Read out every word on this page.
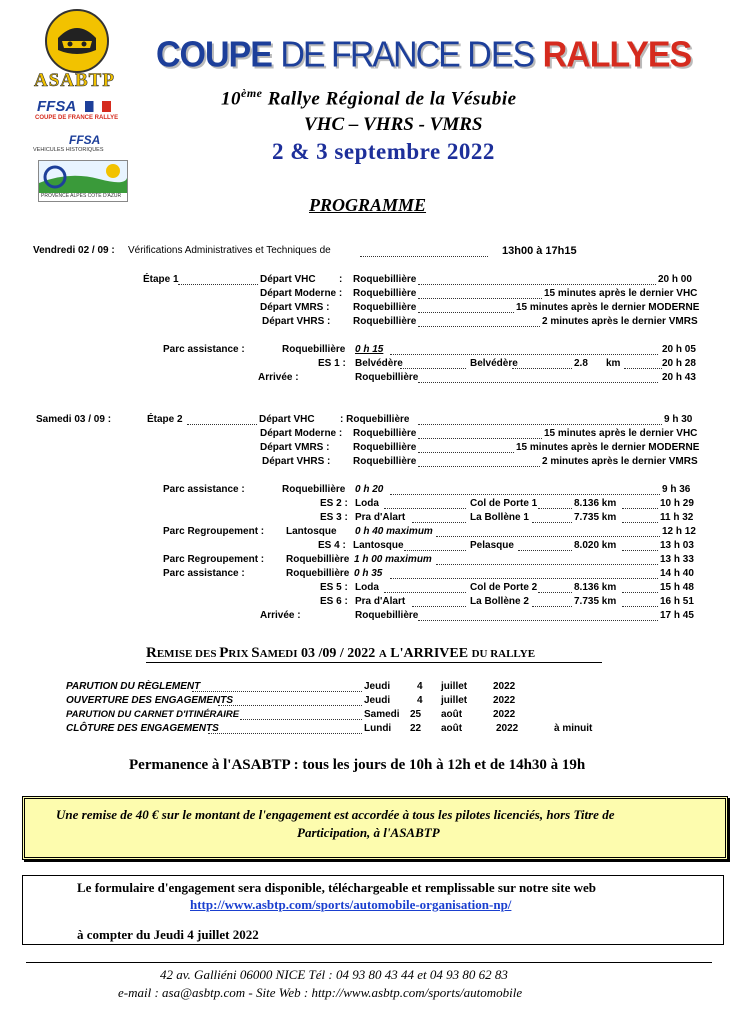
ASABTP
FFSA
COUPE DE FRANCE RALLYE
FFSA
VEHICULES HISTORIQUES
PROVENCE ALPES COTE D'AZUR
COUPE DE FRANCE DES RALLYES
10ème Rallye Régional de la Vésubie
VHC – VHRS - VMRS
2 & 3 septembre 2022
PROGRAMME
Vendredi 02 / 09 : Vérifications Administratives et Techniques de	13h00 à 17h15
Étape 1	Départ VHC : Roquebillière	20 h 00
Départ Moderne : Roquebillière	15 minutes après le dernier VHC
Départ VMRS : Roquebillière	15 minutes après le dernier MODERNE
Départ VHRS : Roquebillière	2 minutes après le dernier VMRS
Parc assistance :	Roquebillière 0 h 15	20 h 05
ES 1 : Belvédère	Belvédère	2.8 km	20 h 28
Arrivée :	Roquebillière	20 h 43
Samedi 03 / 09 :	Étape 2	Départ VHC	: Roquebillière	9 h 30
Départ Moderne : Roquebillière	15 minutes après le dernier VHC
Départ VMRS : Roquebillière	15 minutes après le dernier MODERNE
Départ VHRS : Roquebillière	2 minutes après le dernier VMRS
Parc assistance :	Roquebillière 0 h 20	9 h 36
ES 2 : Loda	Col de Porte 1	8.136 km	10 h 29
ES 3 : Pra d'Alart	La Bollène 1	7.735 km	11 h 32
Parc Regroupement : Lantosque 0 h 40 maximum	12 h 12
ES 4 : Lantosque	Pelasque	8.020 km	13 h 03
Parc Regroupement : Roquebillière 1 h 00 maximum	13 h 33
Parc assistance :	Roquebillière 0 h 35	14 h 40
ES 5 : Loda	Col de Porte 2	8.136 km	15 h 48
ES 6 : Pra d'Alart	La Bollène 2	7.735 km	16 h 51
Arrivée :	Roquebillière	17 h 45
REMISE DES PRIX SAMEDI 03 /09 / 2022 A L'ARRIVEE DU RALLYE
PARUTION DU RÈGLEMENT	Jeudi	4 juillet	2022
OUVERTURE DES ENGAGEMENTS	Jeudi	4 juillet	2022
PARUTION DU CARNET D'ITINÉRAIRE	Samedi 25 août	2022
CLÔTURE DES ENGAGEMENTS	Lundi 22 août	2022	à minuit
Permanence à l'ASABTP : tous les jours de 10h à 12h et de 14h30 à 19h
Une remise de 40 € sur le montant de l'engagement est accordée à tous les pilotes licenciés, hors Titre de
Participation, à l'ASABTP
Le formulaire d'engagement sera disponible, téléchargeable et remplissable sur notre site web
http://www.asbtp.com/sports/automobile-organisation-np/
à compter du Jeudi 4 juillet 2022
42 av. Galliéni 06000 NICE Tél : 04 93 80 43 44 et 04 93 80 62 83
e-mail : asa@asbtp.com - Site Web : http://www.asbtp.com/sports/automobile
